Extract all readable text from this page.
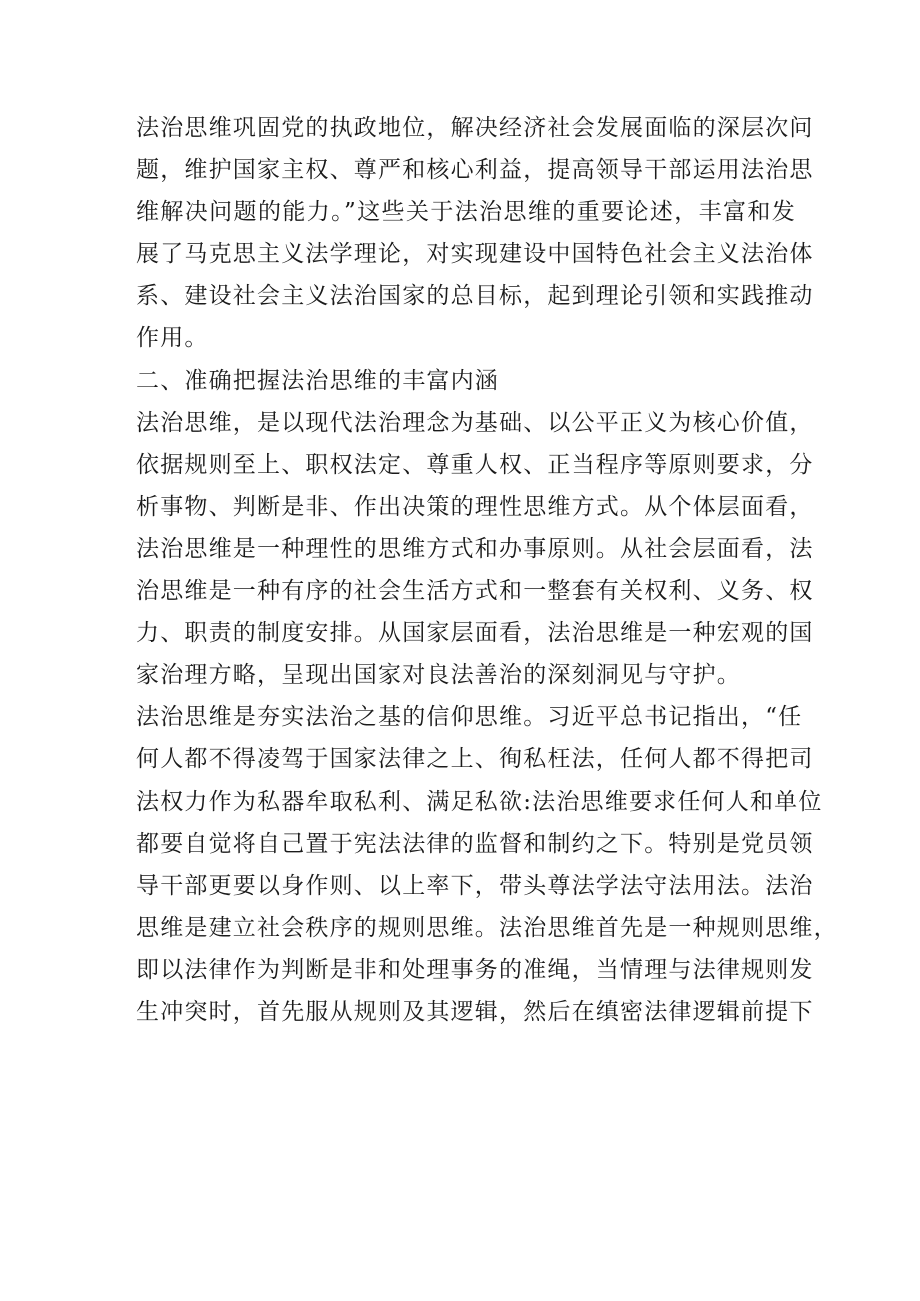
法治思维巩固党的执政地位，解决经济社会发展面临的深层次问
题，维护国家主权、尊严和核心利益，提高领导干部运用法治思
维解决问题的能力。”这些关于法治思维的重要论述，丰富和发
展了马克思主义法学理论，对实现建设中国特色社会主义法治体
系、建设社会主义法治国家的总目标，起到理论引领和实践推动
作用。
二、准确把握法治思维的丰富内涵
法治思维，是以现代法治理念为基础、以公平正义为核心价值，
依据规则至上、职权法定、尊重人权、正当程序等原则要求，分
析事物、判断是非、作出决策的理性思维方式。从个体层面看，
法治思维是一种理性的思维方式和办事原则。从社会层面看，法
治思维是一种有序的社会生活方式和一整套有关权利、义务、权
力、职责的制度安排。从国家层面看，法治思维是一种宏观的国
家治理方略，呈现出国家对良法善治的深刻洞见与守护。
法治思维是夯实法治之基的信仰思维。习近平总书记指出，“任
何人都不得凌驾于国家法律之上、徇私枉法，任何人都不得把司
法权力作为私器牟取私利、满足私欲:法治思维要求任何人和单位
都要自觉将自己置于宪法法律的监督和制约之下。特别是党员领
导干部更要以身作则、以上率下，带头尊法学法守法用法。法治
思维是建立社会秩序的规则思维。法治思维首先是一种规则思维，
即以法律作为判断是非和处理事务的准绳，当情理与法律规则发
生冲突时，首先服从规则及其逻辑，然后在缜密法律逻辑前提下
